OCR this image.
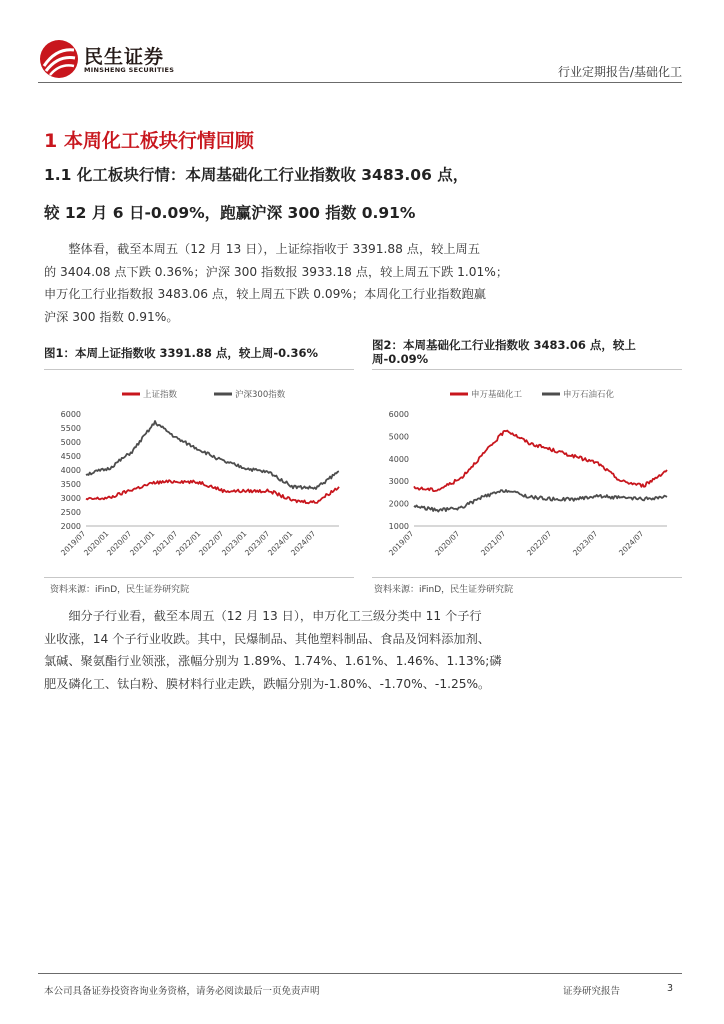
民生证券
MINSHENG SECURITIES	行业定期报告/基础化工
1 本周化工板块行情回顾
1.1 化工板块行情：本周基础化工行业指数收 3483.06 点，
较 12 月 6 日-0.09%，跑赢沪深 300 指数 0.91%
　　整体看，截至本周五（12 月 13 日），上证综指收于 3391.88 点，较上周五
的 3404.08 点下跌 0.36%；沪深 300 指数报 3933.18 点，较上周五下跌 1.01%；
申万化工行业指数报 3483.06 点，较上周五下跌 0.09%；本周化工行业指数跑赢
沪深 300 指数 0.91%。
图1：本周上证指数收 3391.88 点，较上周-0.36%
上证指数	沪深300指数
2000
2500
3000
3500
4000
4500
5000
5500
6000
2019/07
2020/01
2020/07
2021/01
2021/07
2022/01
2022/07
2023/01
2023/07
2024/01
2024/07
资料来源：iFinD，民生证券研究院
图2：本周基础化工行业指数收 3483.06 点，较上周-0.09%
申万基础化工	申万石油石化
1000
2000
3000
4000
5000
6000
2019/07 2020/07 2021/07 2022/07 2023/07 2024/07
资料来源：iFinD，民生证券研究院
　　细分子行业看，截至本周五（12 月 13 日），申万化工三级分类中 11 个子行
业收涨，14 个子行业收跌。其中，民爆制品、其他塑料制品、食品及饲料添加剂、
氯碱、聚氨酯行业领涨，涨幅分别为 1.89%、1.74%、1.61%、1.46%、1.13%;磷
肥及磷化工、钛白粉、膜材料行业走跌，跌幅分别为-1.80%、-1.70%、-1.25%。
本公司具备证券投资咨询业务资格，请务必阅读最后一页免责声明	证券研究报告	3
